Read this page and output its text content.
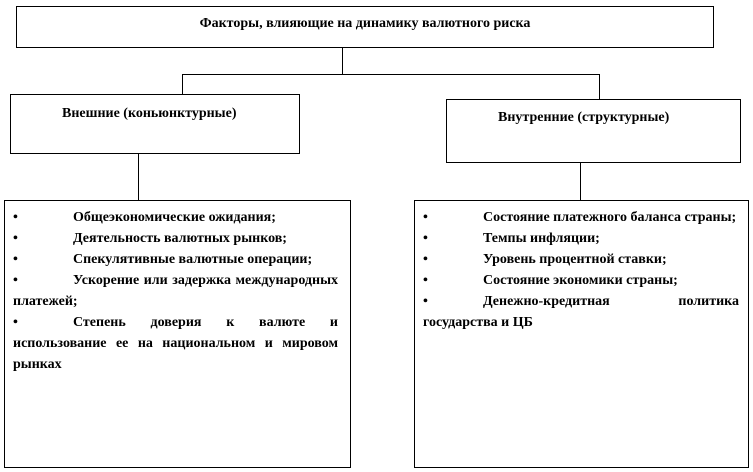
Факторы, влияющие на динамику валютного риска
Внешние (коньюнктурные)	Внутренние (структурные)
•	Общеэкономические ожидания;
•	Деятельность валютных рынков;
•	Спекулятивные валютные операции;
•	Ускорение или задержка международных платежей;
•	Степень доверия к валюте и использование ее на национальном и мировом рынках
•	Состояние платежного баланса страны;
•	Темпы инфляции;
•	Уровень процентной ставки;
•	Состояние экономики страны;
•	Денежно-кредитная политика государства и ЦБ
